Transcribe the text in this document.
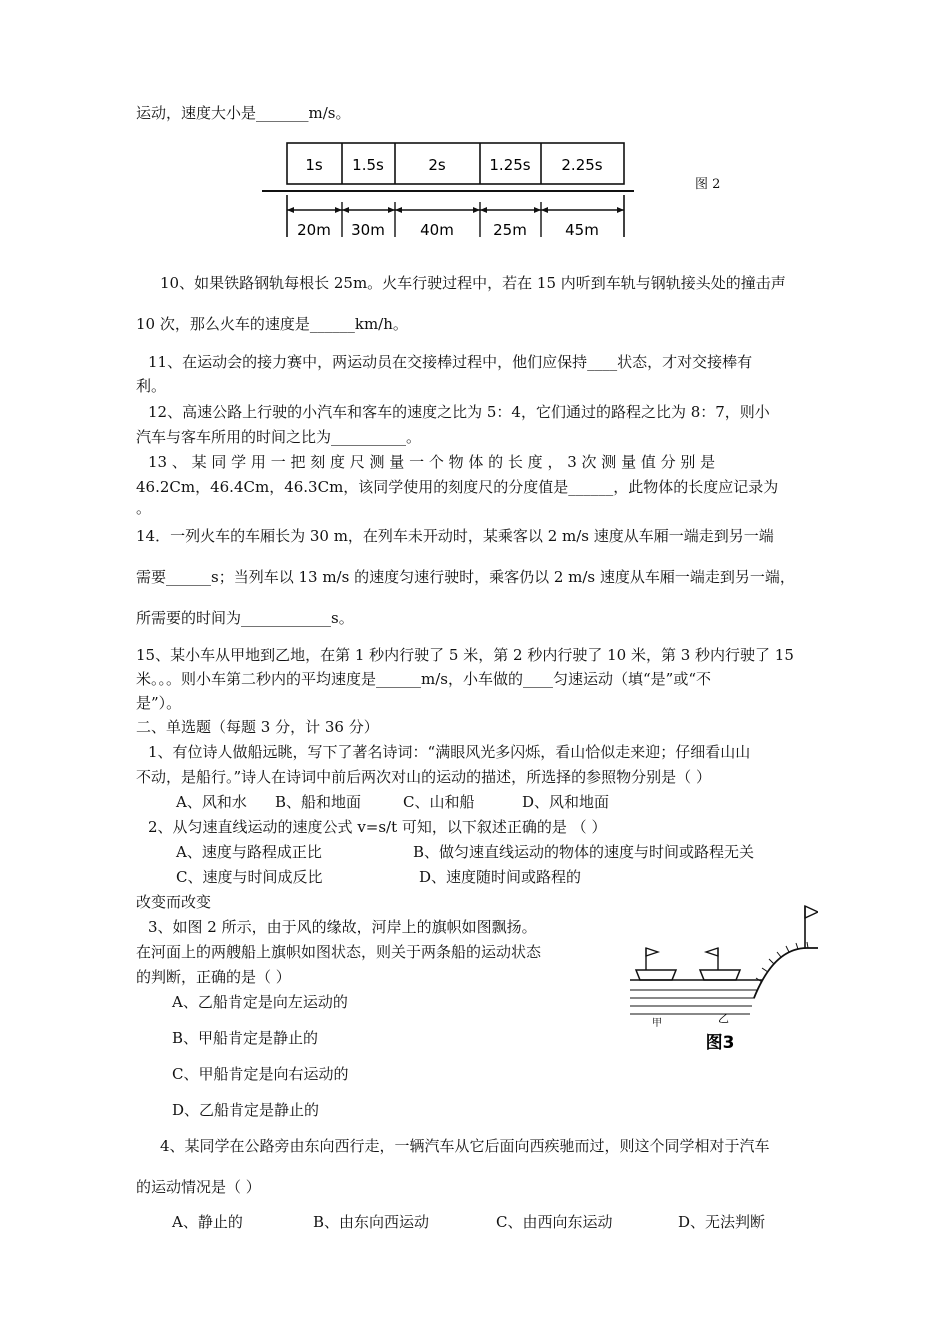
运动，速度大小是_______m/s。
1s 1.5s	2s	1.25s 2.25s
20m 30m 40m	25m	45m
图 2
10、如果铁路钢轨每根长 25m。火车行驶过程中，若在 15 内听到车轨与钢轨接头处的撞击声
10 次，那么火车的速度是______km/h。
11、在运动会的接力赛中，两运动员在交接棒过程中，他们应保持____状态，才对交接棒有
利。
12、高速公路上行驶的小汽车和客车的速度之比为 5：4，它们通过的路程之比为 8：7，则小
汽车与客车所用的时间之比为__________。
13 、 某 同 学 用 一 把 刻 度 尺 测 量 一 个 物 体 的 长 度 ， 3 次 测 量 值 分 别 是
46.2Cm，46.4Cm，46.3Cm，该同学使用的刻度尺的分度值是______，此物体的长度应记录为
。
14．一列火车的车厢长为 30 m，在列车未开动时，某乘客以 2 m/s 速度从车厢一端走到另一端
需要______s；当列车以 13 m/s 的速度匀速行驶时，乘客仍以 2 m/s 速度从车厢一端走到另一端，
所需要的时间为____________s。
15、某小车从甲地到乙地，在第 1 秒内行驶了 5 米，第 2 秒内行驶了 10 米，第 3 秒内行驶了 15
米。。。则小车第二秒内的平均速度是______m/s，小车做的____匀速运动（填“是”或“不
是”）。
二、单选题（每题 3 分，计 36 分）
1、有位诗人做船远眺，写下了著名诗词：“满眼风光多闪烁，看山恰似走来迎；仔细看山山
不动，是船行。”诗人在诗词中前后两次对山的运动的描述，所选择的参照物分别是（ ）
A、风和水 B、船和地面	C、山和船	D、风和地面
2、从匀速直线运动的速度公式 v=s/t 可知，以下叙述正确的是 （ ）
A、速度与路程成正比	B、做匀速直线运动的物体的速度与时间或路程无关
C、速度与时间成反比	D、速度随时间或路程的
改变而改变
3、如图 2 所示，由于风的缘故，河岸上的旗帜如图飘扬。
在河面上的两艘船上旗帜如图状态，则关于两条船的运动状态
的判断，正确的是（ ）
A、乙船肯定是向左运动的
B、甲船肯定是静止的
C、甲船肯定是向右运动的
D、乙船肯定是静止的
甲	乙
图3
4、某同学在公路旁由东向西行走，一辆汽车从它后面向西疾驰而过，则这个同学相对于汽车
的运动情况是（ ）
A、静止的	B、由东向西运动	C、由西向东运动	D、无法判断
